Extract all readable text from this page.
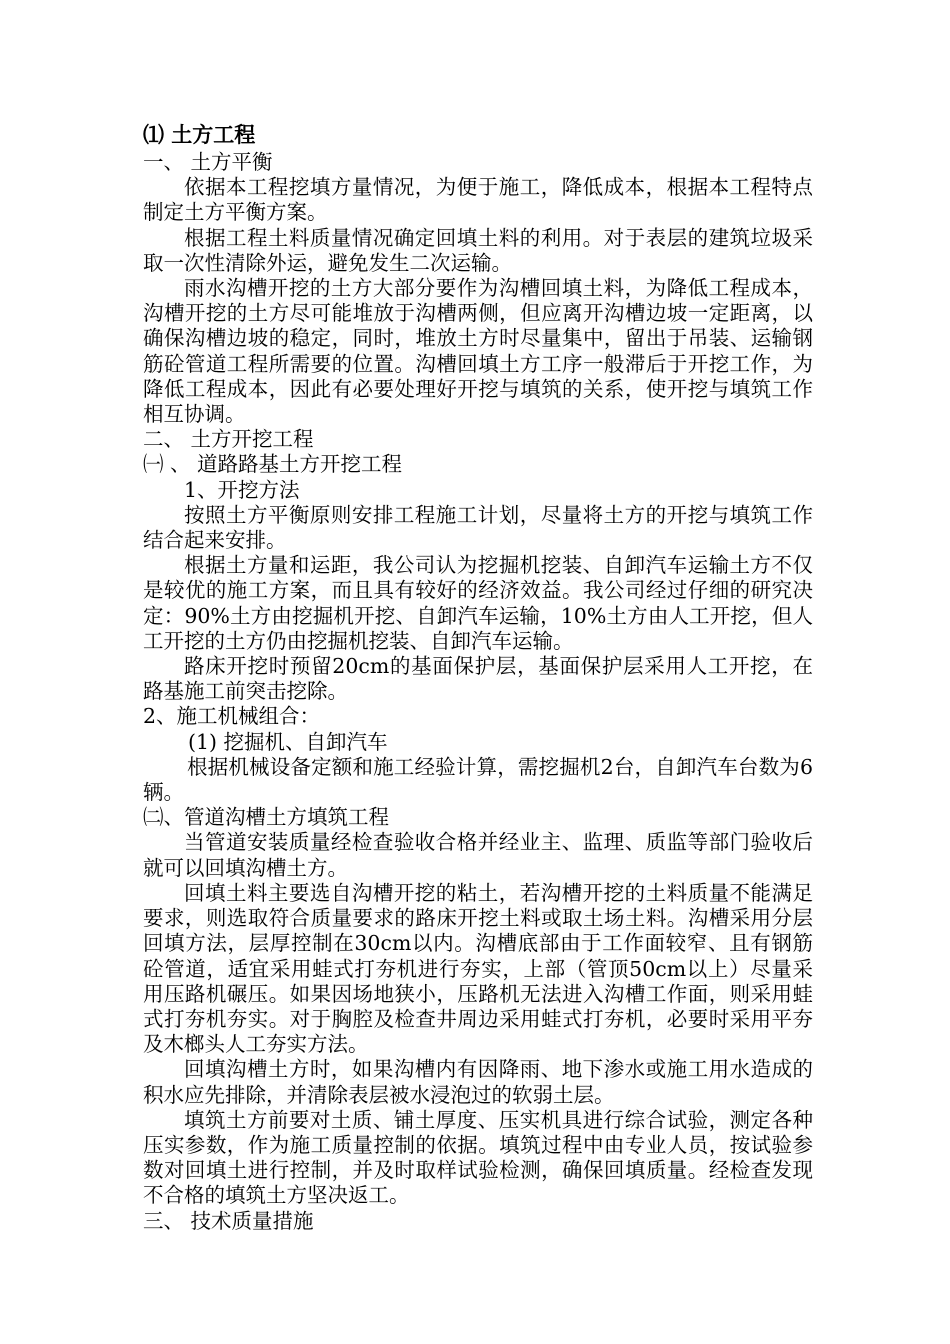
⑴ 土方工程

一、 土方平衡

依据本工程挖填方量情况，为便于施工，降低成本，根据本工程特点制定土方平衡方案。

根据工程土料质量情况确定回填土料的利用。对于表层的建筑垃圾采取一次性清除外运，避免发生二次运输。

雨水沟槽开挖的土方大部分要作为沟槽回填土料，为降低工程成本，沟槽开挖的土方尽可能堆放于沟槽两侧，但应离开沟槽边坡一定距离，以确保沟槽边坡的稳定，同时，堆放土方时尽量集中，留出于吊装、运输钢筋砼管道工程所需要的位置。沟槽回填土方工序一般滞后于开挖工作，为降低工程成本，因此有必要处理好开挖与填筑的关系，使开挖与填筑工作相互协调。

二、 土方开挖工程

㈠ 、 道路路基土方开挖工程

1、开挖方法

按照土方平衡原则安排工程施工计划，尽量将土方的开挖与填筑工作结合起来安排。

根据土方量和运距，我公司认为挖掘机挖装、自卸汽车运输土方不仅是较优的施工方案，而且具有较好的经济效益。我公司经过仔细的研究决定：90%土方由挖掘机开挖、自卸汽车运输，10%土方由人工开挖，但人工开挖的土方仍由挖掘机挖装、自卸汽车运输。

路床开挖时预留20cm的基面保护层，基面保护层采用人工开挖，在路基施工前突击挖除。

2、施工机械组合：

(1) 挖掘机、自卸汽车

根据机械设备定额和施工经验计算，需挖掘机2台，自卸汽车台数为6辆。

㈡、管道沟槽土方填筑工程

当管道安装质量经检查验收合格并经业主、监理、质监等部门验收后就可以回填沟槽土方。

回填土料主要选自沟槽开挖的粘土，若沟槽开挖的土料质量不能满足要求，则选取符合质量要求的路床开挖土料或取土场土料。沟槽采用分层回填方法，层厚控制在30cm以内。沟槽底部由于工作面较窄、且有钢筋砼管道，适宜采用蛙式打夯机进行夯实，上部（管顶50cm以上）尽量采用压路机碾压。如果因场地狭小，压路机无法进入沟槽工作面，则采用蛙式打夯机夯实。对于胸腔及检查井周边采用蛙式打夯机，必要时采用平夯及木榔头人工夯实方法。

回填沟槽土方时，如果沟槽内有因降雨、地下渗水或施工用水造成的积水应先排除，并清除表层被水浸泡过的软弱土层。

填筑土方前要对土质、铺土厚度、压实机具进行综合试验，测定各种压实参数，作为施工质量控制的依据。填筑过程中由专业人员，按试验参数对回填土进行控制，并及时取样试验检测，确保回填质量。经检查发现不合格的填筑土方坚决返工。

三、 技术质量措施
